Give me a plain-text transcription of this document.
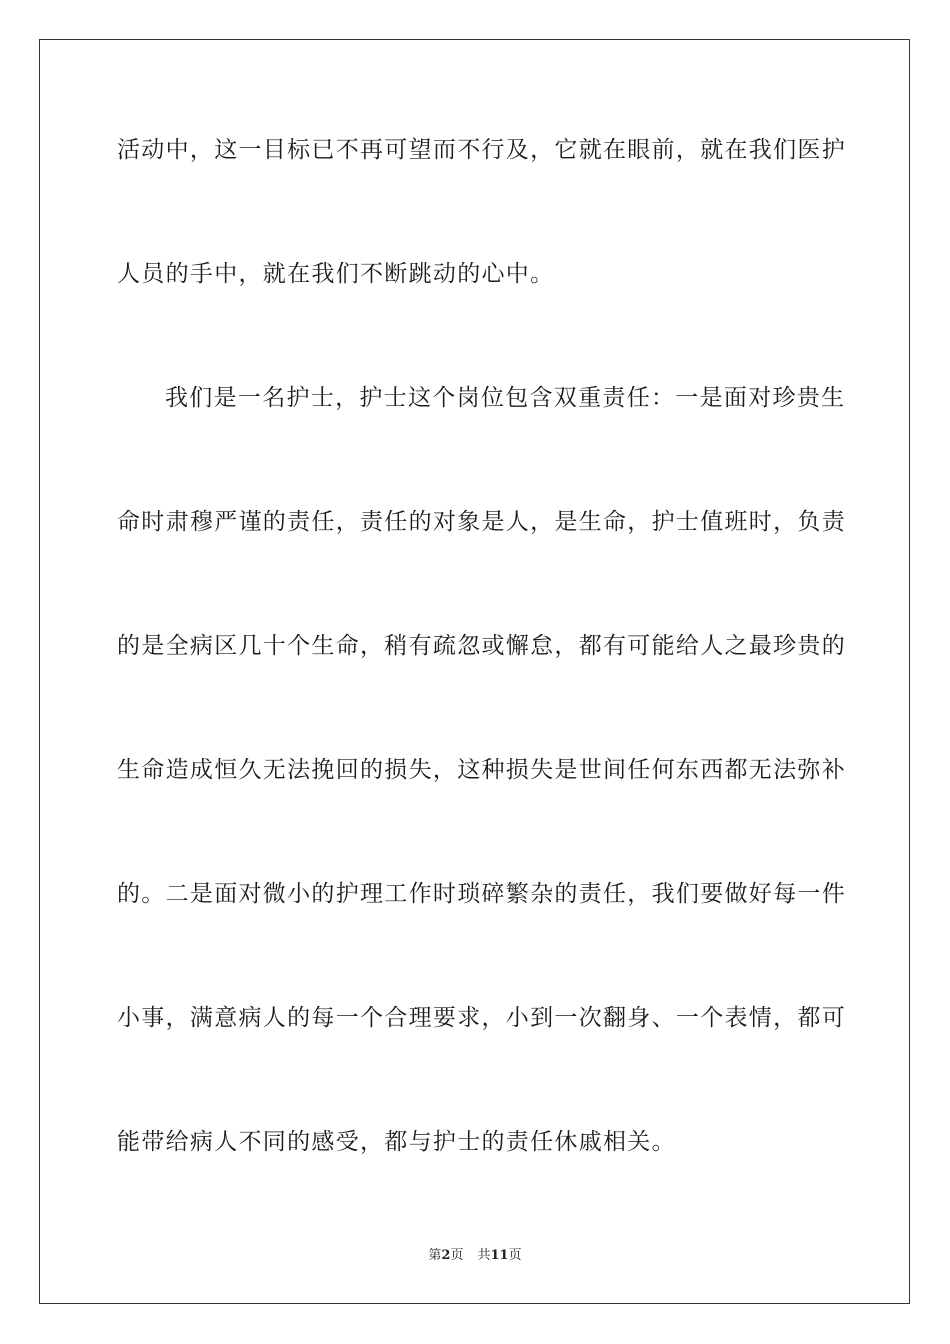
活动中，这一目标已不再可望而不行及，它就在眼前，就在我们医护
人员的手中，就在我们不断跳动的心中。
我们是一名护士，护士这个岗位包含双重责任：一是面对珍贵生
命时肃穆严谨的责任，责任的对象是人，是生命，护士值班时，负责
的是全病区几十个生命，稍有疏忽或懈怠，都有可能给人之最珍贵的
生命造成恒久无法挽回的损失，这种损失是世间任何东西都无法弥补
的。二是面对微小的护理工作时琐碎繁杂的责任，我们要做好每一件
小事，满意病人的每一个合理要求，小到一次翻身、一个表情，都可
能带给病人不同的感受，都与护士的责任休戚相关。
第2页 共11页
